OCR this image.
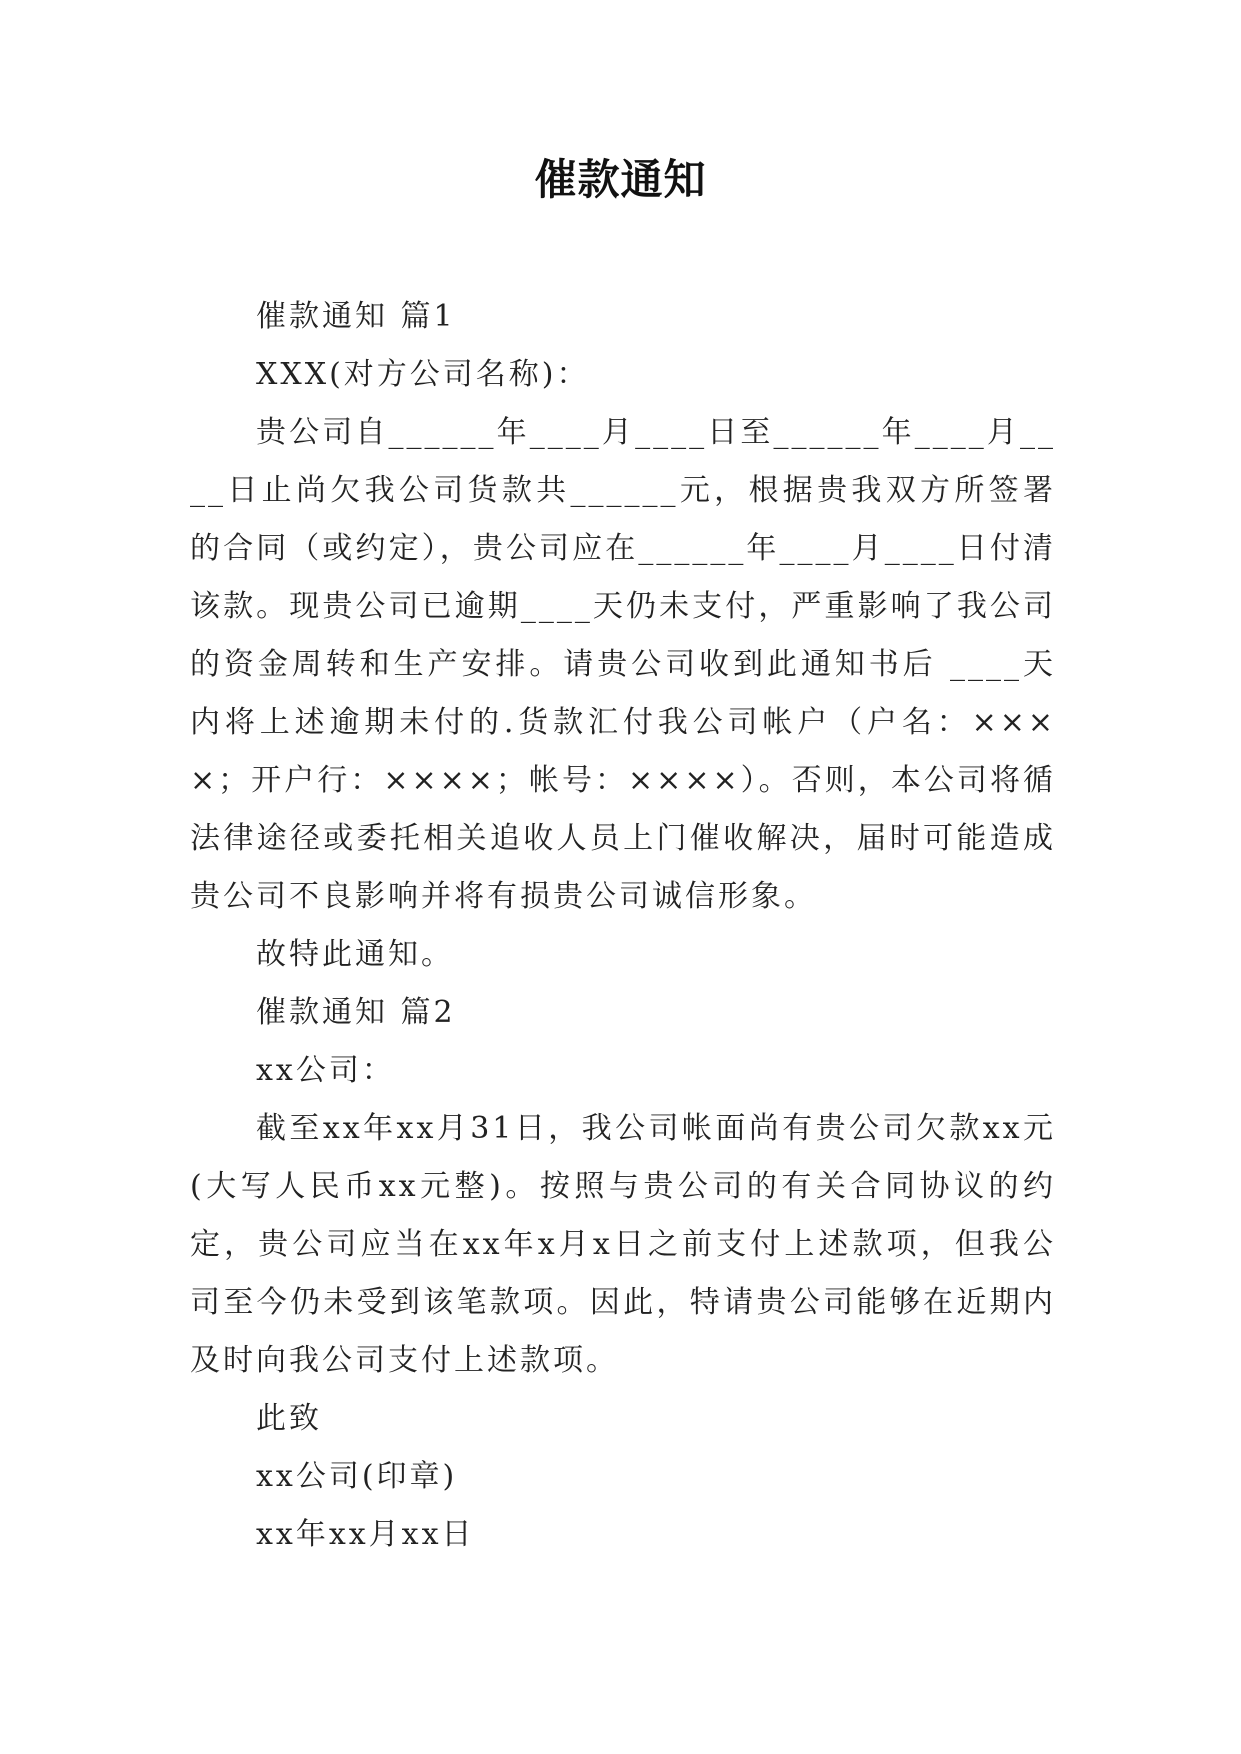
催款通知

催款通知 篇1

XXX(对方公司名称)：

贵公司自______年____月____日至______年____月____日止尚欠我公司货款共______元，根据贵我双方所签署的合同（或约定），贵公司应在______年____月____日付清该款。现贵公司已逾期____天仍未支付，严重影响了我公司的资金周转和生产安排。请贵公司收到此通知书后 ____天内将上述逾期未付的.货款汇付我公司帐户（户名：××××；开户行：××××；帐号：××××）。否则，本公司将循法律途径或委托相关追收人员上门催收解决，届时可能造成贵公司不良影响并将有损贵公司诚信形象。

故特此通知。

催款通知 篇2

xx公司：

截至xx年xx月31日，我公司帐面尚有贵公司欠款xx元(大写人民币xx元整)。按照与贵公司的有关合同协议的约定，贵公司应当在xx年x月x日之前支付上述款项，但我公司至今仍未受到该笔款项。因此，特请贵公司能够在近期内及时向我公司支付上述款项。

此致

xx公司(印章)

xx年xx月xx日
